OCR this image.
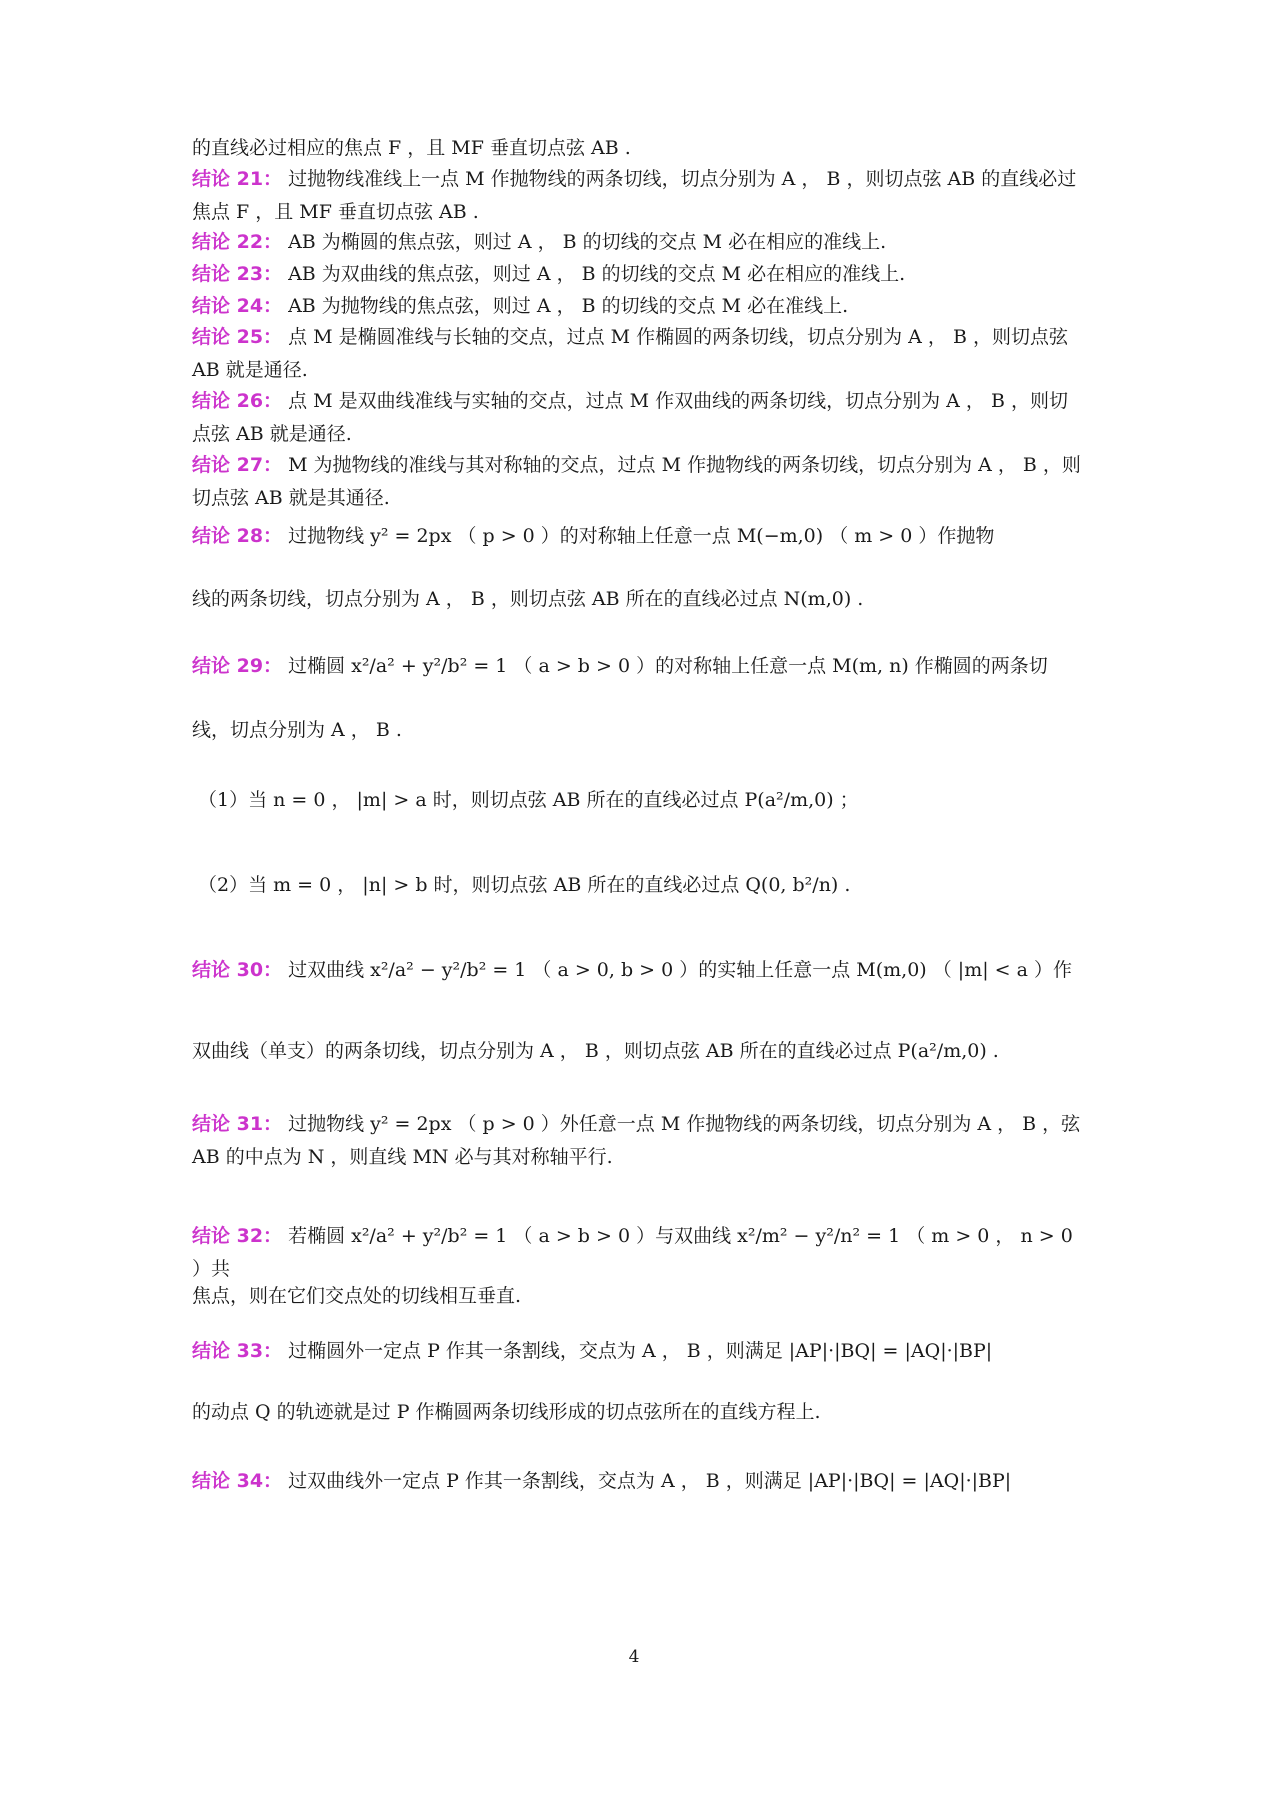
的直线必过相应的焦点 F ，且 MF 垂直切点弦 AB .
结论 21： 过抛物线准线上一点 M 作抛物线的两条切线，切点分别为 A ， B ，则切点弦 AB 的直线必过焦点 F ，且 MF 垂直切点弦 AB .
结论 22： AB 为椭圆的焦点弦，则过 A ， B 的切线的交点 M 必在相应的准线上.
结论 23： AB 为双曲线的焦点弦，则过 A ， B 的切线的交点 M 必在相应的准线上.
结论 24： AB 为抛物线的焦点弦，则过 A ， B 的切线的交点 M 必在准线上.
结论 25： 点 M 是椭圆准线与长轴的交点，过点 M 作椭圆的两条切线，切点分别为 A ， B ，则切点弦 AB 就是通径.
结论 26： 点 M 是双曲线准线与实轴的交点，过点 M 作双曲线的两条切线，切点分别为 A ， B ，则切点弦 AB 就是通径.
结论 27： M 为抛物线的准线与其对称轴的交点，过点 M 作抛物线的两条切线，切点分别为 A ， B ，则切点弦 AB 就是其通径.
结论 28： 过抛物线 y² = 2px （ p > 0 ）的对称轴上任意一点 M(−m,0) （ m > 0 ）作抛物
线的两条切线，切点分别为 A ， B ，则切点弦 AB 所在的直线必过点 N(m,0) .
结论 29： 过椭圆 x²/a² + y²/b² = 1 （ a > b > 0 ）的对称轴上任意一点 M(m, n) 作椭圆的两条切
线，切点分别为 A ， B .
（1）当 n = 0 ， |m| > a 时，则切点弦 AB 所在的直线必过点 P(a²/m,0) ；
（2）当 m = 0 ， |n| > b 时，则切点弦 AB 所在的直线必过点 Q(0, b²/n) .
结论 30： 过双曲线 x²/a² − y²/b² = 1 （ a > 0, b > 0 ）的实轴上任意一点 M(m,0) （ |m| < a ）作
双曲线（单支）的两条切线，切点分别为 A ， B ，则切点弦 AB 所在的直线必过点 P(a²/m,0) .
结论 31： 过抛物线 y² = 2px （ p > 0 ）外任意一点 M 作抛物线的两条切线，切点分别为 A ， B ，弦 AB 的中点为 N ，则直线 MN 必与其对称轴平行.
结论 32： 若椭圆 x²/a² + y²/b² = 1 （ a > b > 0 ）与双曲线 x²/m² − y²/n² = 1 （ m > 0 ， n > 0 ）共
焦点，则在它们交点处的切线相互垂直.
结论 33： 过椭圆外一定点 P 作其一条割线，交点为 A ， B ，则满足 |AP|·|BQ| = |AQ|·|BP|
的动点 Q 的轨迹就是过 P 作椭圆两条切线形成的切点弦所在的直线方程上.
结论 34： 过双曲线外一定点 P 作其一条割线，交点为 A ， B ，则满足 |AP|·|BQ| = |AQ|·|BP|
4
